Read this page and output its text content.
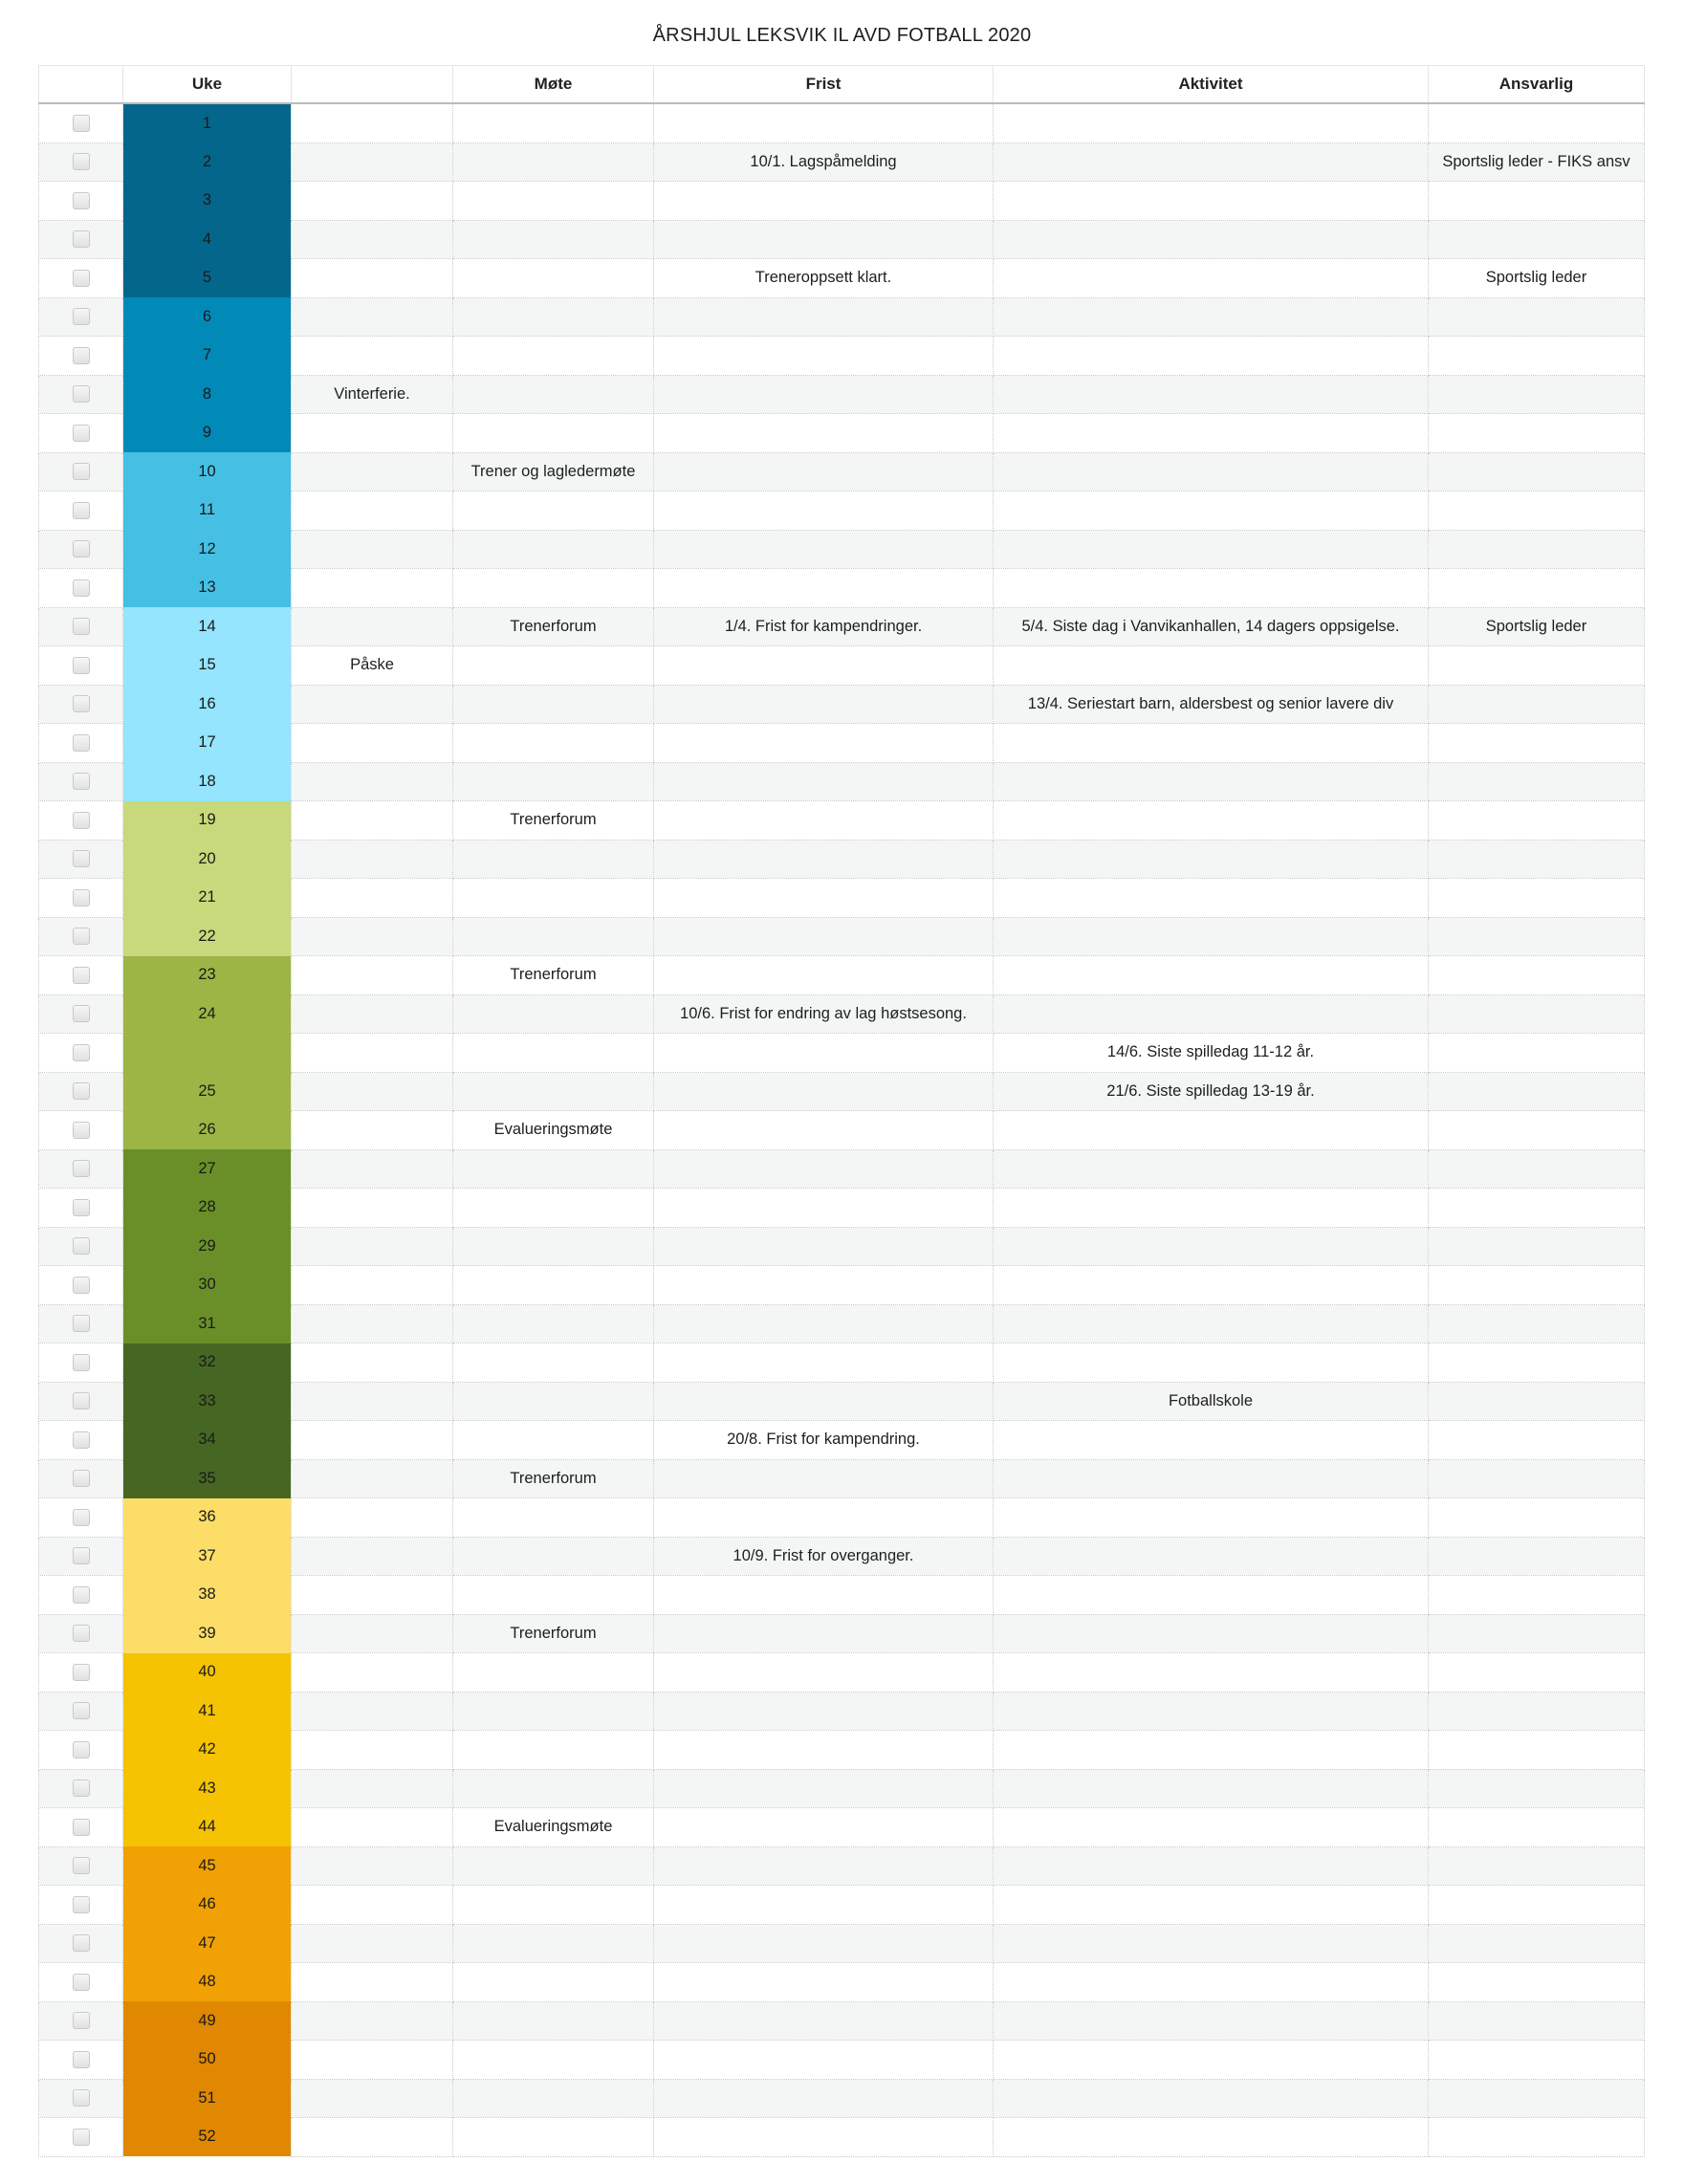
ÅRSHJUL LEKSVIK IL AVD FOTBALL 2020
	Uke		Møte	Frist	Aktivitet	Ansvarlig
	1					
	2			10/1. Lagspåmelding		Sportslig leder - FIKS ansv
	3					
	4					
	5			Treneroppsett klart.		Sportslig leder
	6					
	7					
	8	Vinterferie.				
	9					
	10		Trener og lagledermøte			
	11					
	12					
	13					
	14		Trenerforum	1/4. Frist for kampendringer.	5/4. Siste dag i Vanvikanhallen, 14 dagers oppsigelse.	Sportslig leder
	15	Påske				
	16				13/4. Seriestart barn, aldersbest og senior lavere div	
	17					
	18					
	19		Trenerforum			
	20					
	21					
	22					
	23		Trenerforum			
	24			10/6. Frist for endring av lag høstsesong.		
					14/6. Siste spilledag 11-12 år.	
	25				21/6. Siste spilledag 13-19 år.	
	26		Evalueringsmøte			
	27					
	28					
	29					
	30					
	31					
	32					
	33				Fotballskole	
	34			20/8. Frist for kampendring.		
	35		Trenerforum			
	36					
	37			10/9. Frist for overganger.		
	38					
	39		Trenerforum			
	40					
	41					
	42					
	43					
	44		Evalueringsmøte			
	45					
	46					
	47					
	48					
	49					
	50					
	51					
	52					
